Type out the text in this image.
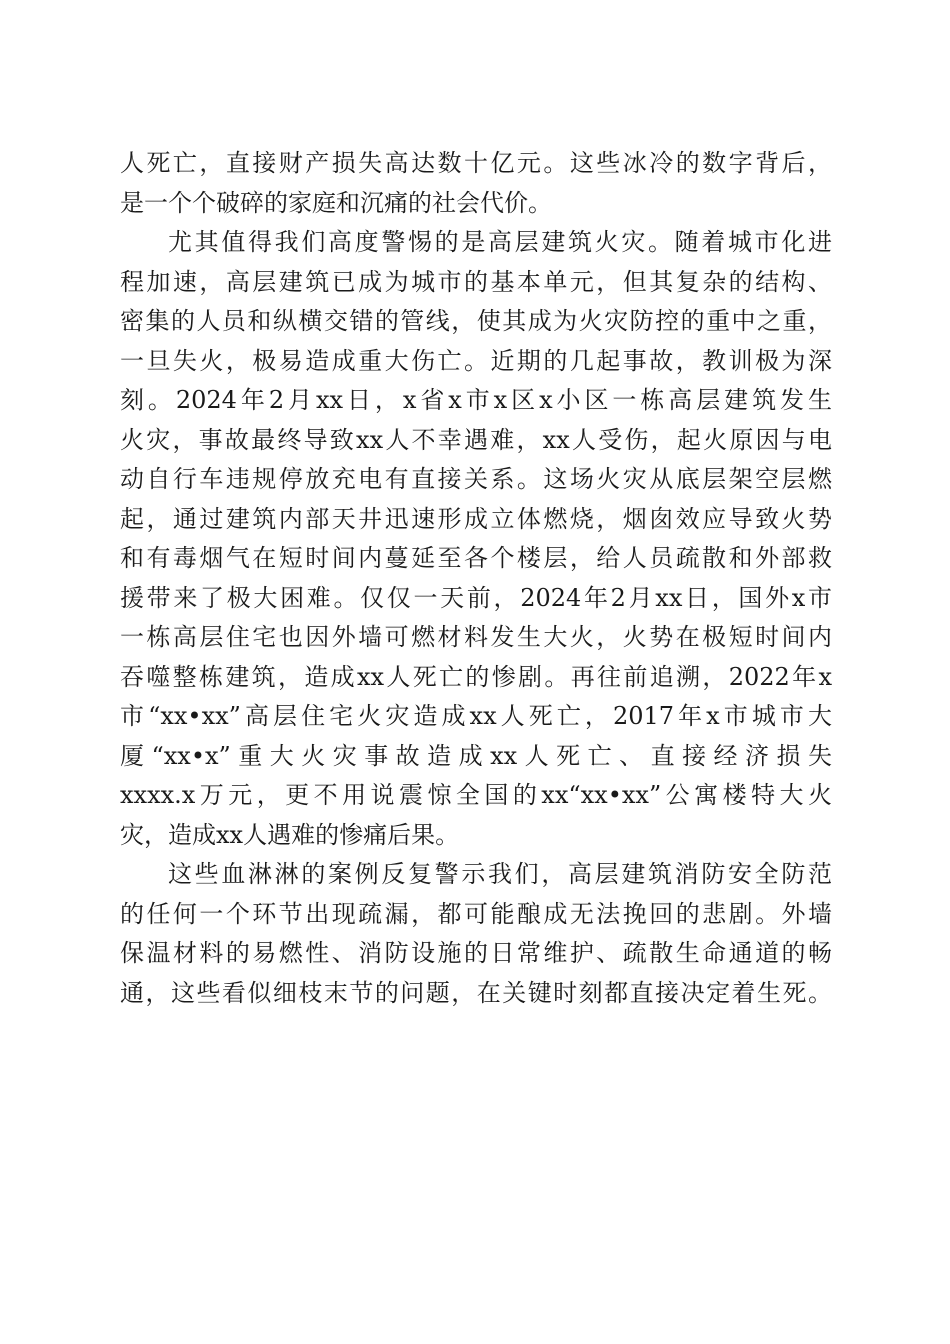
人死亡，直接财产损失高达数十亿元。这些冰冷的数字背后，
是一个个破碎的家庭和沉痛的社会代价。
尤其值得我们高度警惕的是高层建筑火灾。随着城市化进
程加速，高层建筑已成为城市的基本单元，但其复杂的结构、
密集的人员和纵横交错的管线，使其成为火灾防控的重中之重，
一旦失火，极易造成重大伤亡。近期的几起事故，教训极为深
刻。2024年2月xx日，x省x市x区x小区一栋高层建筑发生
火灾，事故最终导致xx人不幸遇难，xx人受伤，起火原因与电
动自行车违规停放充电有直接关系。这场火灾从底层架空层燃
起，通过建筑内部天井迅速形成立体燃烧，烟囱效应导致火势
和有毒烟气在短时间内蔓延至各个楼层，给人员疏散和外部救
援带来了极大困难。仅仅一天前，2024年2月xx日，国外x市
一栋高层住宅也因外墙可燃材料发生大火，火势在极短时间内
吞噬整栋建筑，造成xx人死亡的惨剧。再往前追溯，2022年x
市“xx•xx”高层住宅火灾造成xx人死亡，2017年x市城市大
厦“xx•x”重大火灾事故造成xx人死亡、直接经济损失
xxxx.x万元，更不用说震惊全国的xx“xx•xx”公寓楼特大火
灾，造成xx人遇难的惨痛后果。
这些血淋淋的案例反复警示我们，高层建筑消防安全防范
的任何一个环节出现疏漏，都可能酿成无法挽回的悲剧。外墙
保温材料的易燃性、消防设施的日常维护、疏散生命通道的畅
通，这些看似细枝末节的问题，在关键时刻都直接决定着生死。
